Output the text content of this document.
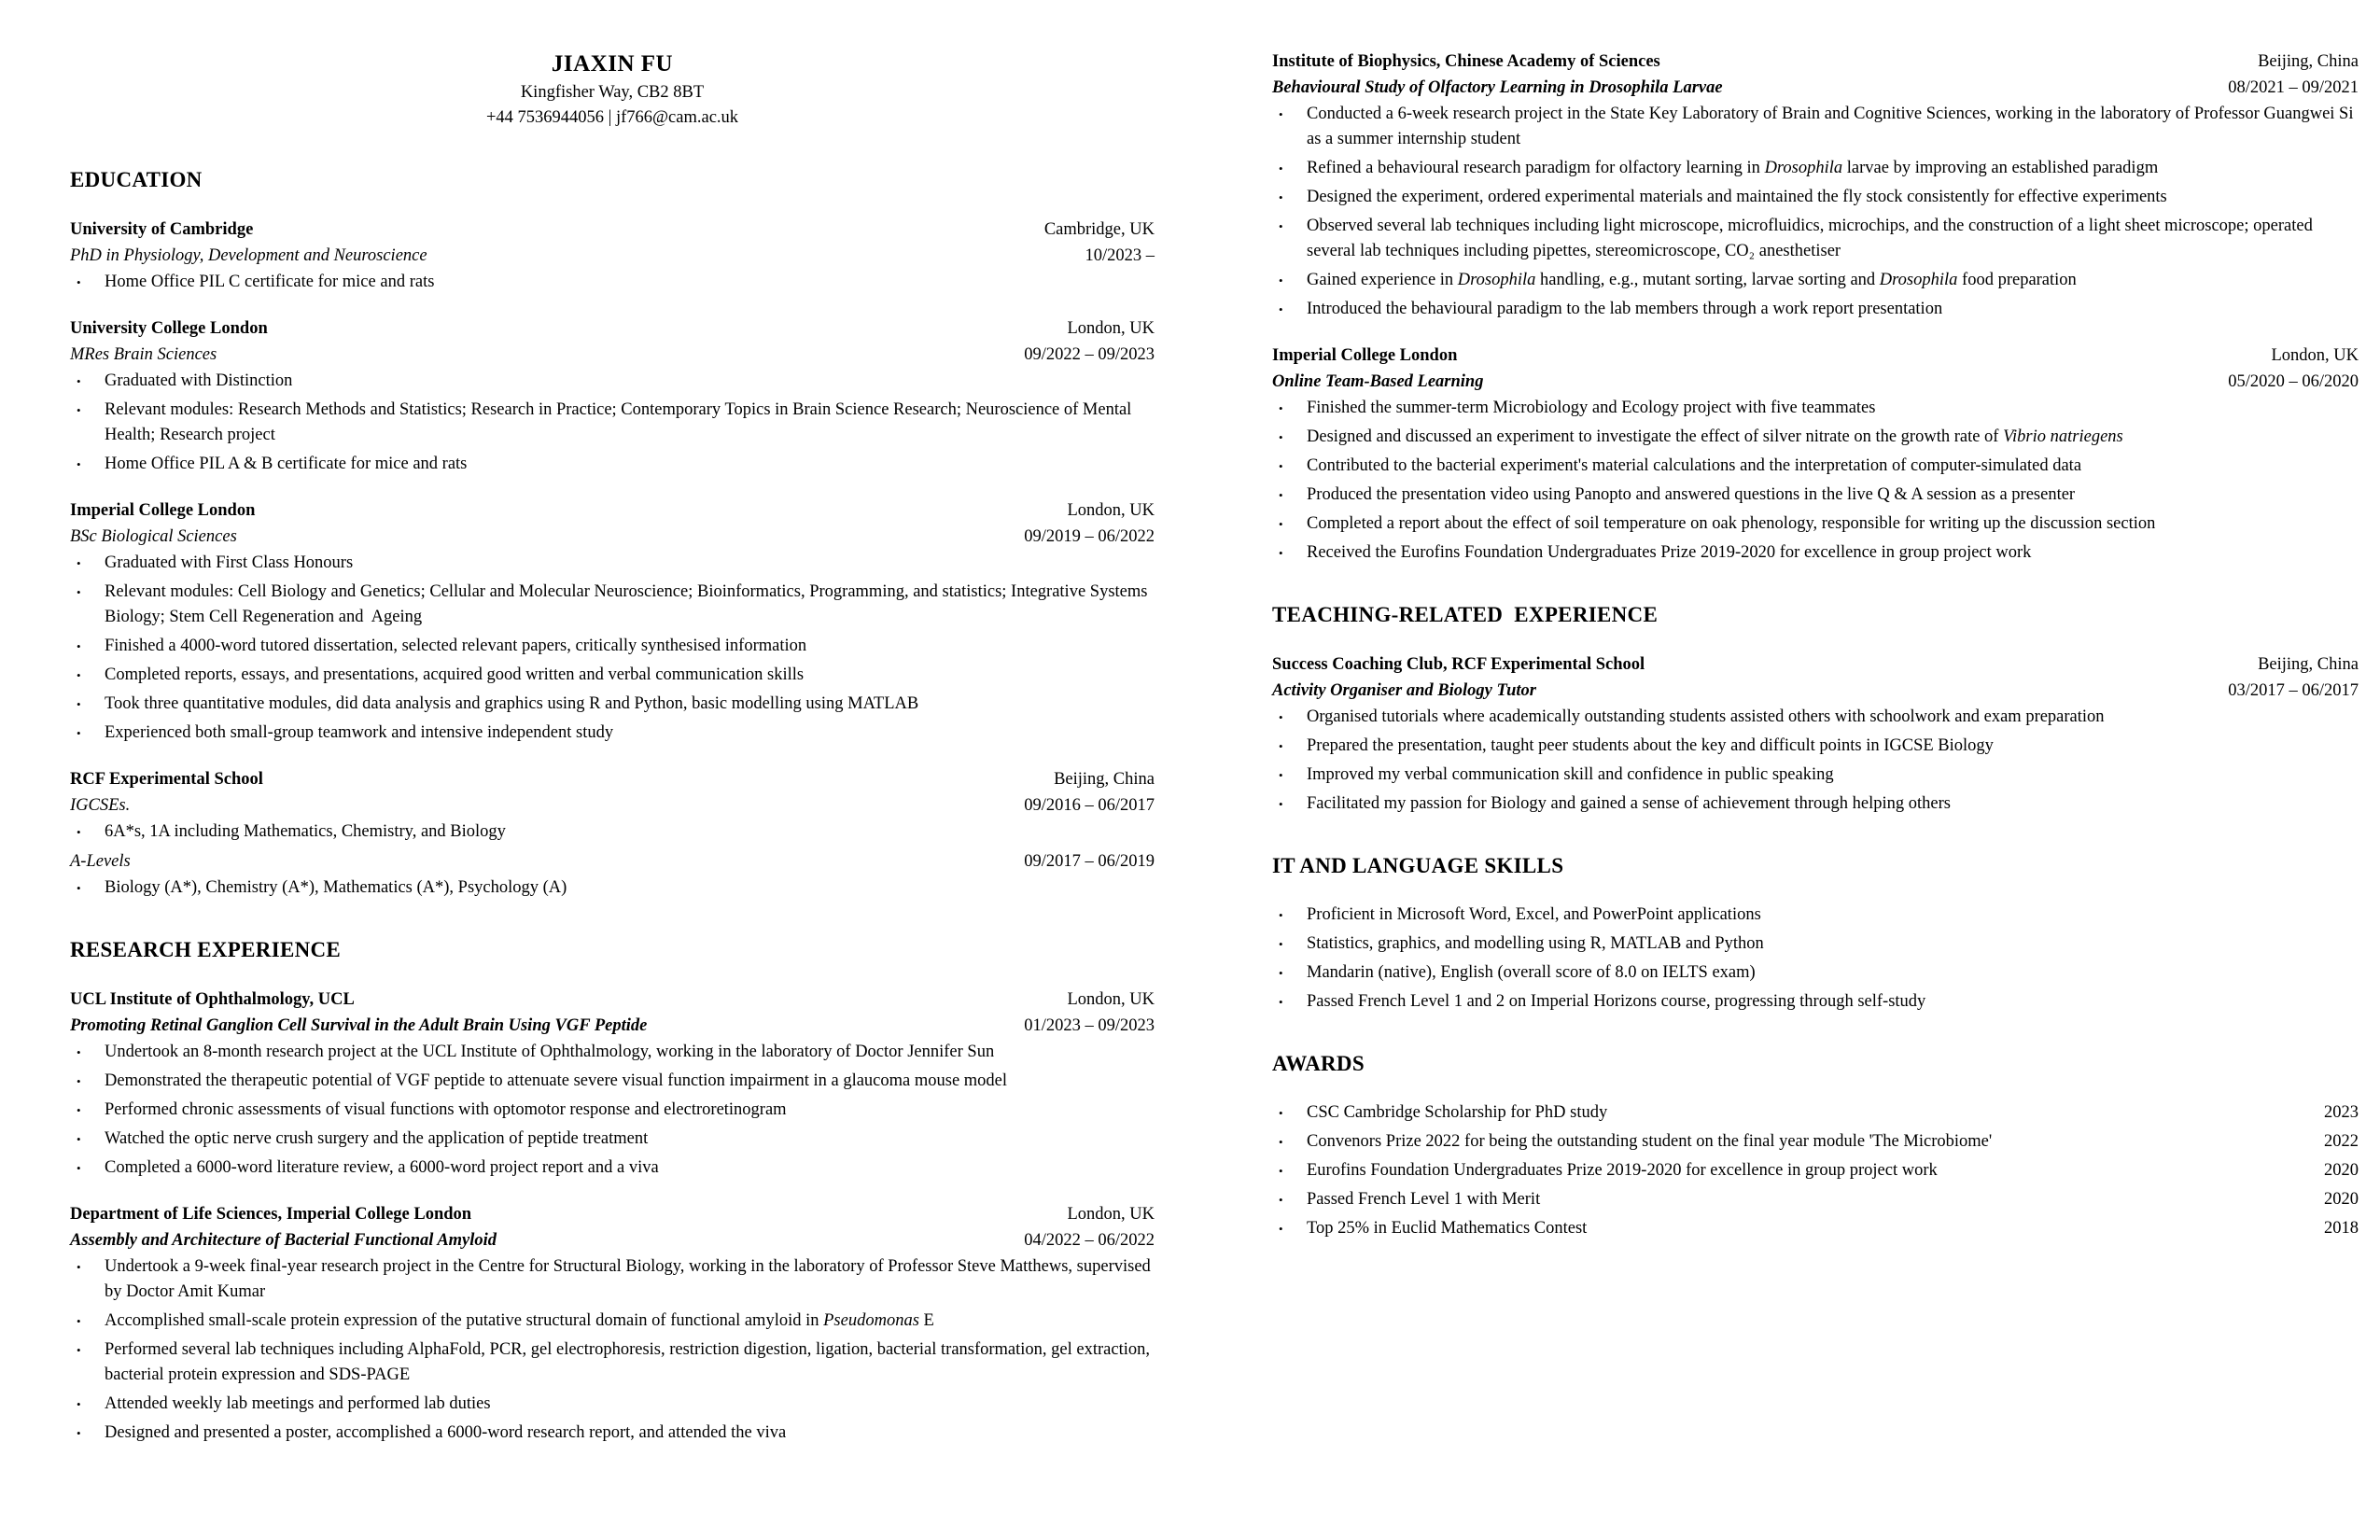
JIAXIN FU
Kingfisher Way, CB2 8BT
+44 7536944056 | jf766@cam.ac.uk
EDUCATION
University of Cambridge	Cambridge, UK
PhD in Physiology, Development and Neuroscience	10/2023 –
•	Home Office PIL C certificate for mice and rats
University College London	London, UK
MRes Brain Sciences	09/2022 – 09/2023
•	Graduated with Distinction
•	Relevant modules: Research Methods and Statistics; Research in Practice; Contemporary Topics in Brain Science Research; Neuroscience of Mental Health; Research project
•	Home Office PIL A & B certificate for mice and rats
Imperial College London	London, UK
BSc Biological Sciences	09/2019 – 06/2022
•	Graduated with First Class Honours
•	Relevant modules: Cell Biology and Genetics; Cellular and Molecular Neuroscience; Bioinformatics, Programming, and statistics; Integrative Systems Biology; Stem Cell Regeneration and  Ageing
•	Finished a 4000-word tutored dissertation, selected relevant papers, critically synthesised information
•	Completed reports, essays, and presentations, acquired good written and verbal communication skills
•	Took three quantitative modules, did data analysis and graphics using R and Python, basic modelling using MATLAB
•	Experienced both small-group teamwork and intensive independent study
RCF Experimental School	Beijing, China
IGCSEs.	09/2016 – 06/2017
•	6A*s, 1A including Mathematics, Chemistry, and Biology
A-Levels	09/2017 – 06/2019
•	Biology (A*), Chemistry (A*), Mathematics (A*), Psychology (A)
RESEARCH EXPERIENCE
UCL Institute of Ophthalmology, UCL	London, UK
Promoting Retinal Ganglion Cell Survival in the Adult Brain Using VGF Peptide	01/2023 – 09/2023
•	Undertook an 8-month research project at the UCL Institute of Ophthalmology, working in the laboratory of Doctor Jennifer Sun
•	Demonstrated the therapeutic potential of VGF peptide to attenuate severe visual function impairment in a glaucoma mouse model
•	Performed chronic assessments of visual functions with optomotor response and electroretinogram
•	Watched the optic nerve crush surgery and the application of peptide treatment
•	Completed a 6000-word literature review, a 6000-word project report and a viva
Department of Life Sciences, Imperial College London	London, UK
Assembly and Architecture of Bacterial Functional Amyloid	04/2022 – 06/2022
•	Undertook a 9-week final-year research project in the Centre for Structural Biology, working in the laboratory of Professor Steve Matthews, supervised by Doctor Amit Kumar
•	Accomplished small-scale protein expression of the putative structural domain of functional amyloid in Pseudomonas E
•	Performed several lab techniques including AlphaFold, PCR, gel electrophoresis, restriction digestion, ligation, bacterial transformation, gel extraction, bacterial protein expression and SDS-PAGE
•	Attended weekly lab meetings and performed lab duties
•	Designed and presented a poster, accomplished a 6000-word research report, and attended the viva
Institute of Biophysics, Chinese Academy of Sciences	Beijing, China
Behavioural Study of Olfactory Learning in Drosophila Larvae	08/2021 – 09/2021
•	Conducted a 6-week research project in the State Key Laboratory of Brain and Cognitive Sciences, working in the laboratory of Professor Guangwei Si as a summer internship student
•	Refined a behavioural research paradigm for olfactory learning in Drosophila larvae by improving an established paradigm
•	Designed the experiment, ordered experimental materials and maintained the fly stock consistently for effective experiments
•	Observed several lab techniques including light microscope, microfluidics, microchips, and the construction of a light sheet microscope; operated several lab techniques including pipettes, stereomicroscope, CO₂ anesthetiser
•	Gained experience in Drosophila handling, e.g., mutant sorting, larvae sorting and Drosophila food preparation
•	Introduced the behavioural paradigm to the lab members through a work report presentation
Imperial College London	London, UK
Online Team-Based Learning	05/2020 – 06/2020
•	Finished the summer-term Microbiology and Ecology project with five teammates
•	Designed and discussed an experiment to investigate the effect of silver nitrate on the growth rate of Vibrio natriegens
•	Contributed to the bacterial experiment's material calculations and the interpretation of computer-simulated data
•	Produced the presentation video using Panopto and answered questions in the live Q & A session as a presenter
•	Completed a report about the effect of soil temperature on oak phenology, responsible for writing up the discussion section
•	Received the Eurofins Foundation Undergraduates Prize 2019-2020 for excellence in group project work
TEACHING-RELATED  EXPERIENCE
Success Coaching Club, RCF Experimental School	Beijing, China
Activity Organiser and Biology Tutor	03/2017 – 06/2017
•	Organised tutorials where academically outstanding students assisted others with schoolwork and exam preparation
•	Prepared the presentation, taught peer students about the key and difficult points in IGCSE Biology
•	Improved my verbal communication skill and confidence in public speaking
•	Facilitated my passion for Biology and gained a sense of achievement through helping others
IT AND LANGUAGE SKILLS
•	Proficient in Microsoft Word, Excel, and PowerPoint applications
•	Statistics, graphics, and modelling using R, MATLAB and Python
•	Mandarin (native), English (overall score of 8.0 on IELTS exam)
•	Passed French Level 1 and 2 on Imperial Horizons course, progressing through self-study
AWARDS
•	CSC Cambridge Scholarship for PhD study	2023
•	Convenors Prize 2022 for being the outstanding student on the final year module 'The Microbiome'	2022
•	Eurofins Foundation Undergraduates Prize 2019-2020 for excellence in group project work	2020
•	Passed French Level 1 with Merit	2020
•	Top 25% in Euclid Mathematics Contest	2018
